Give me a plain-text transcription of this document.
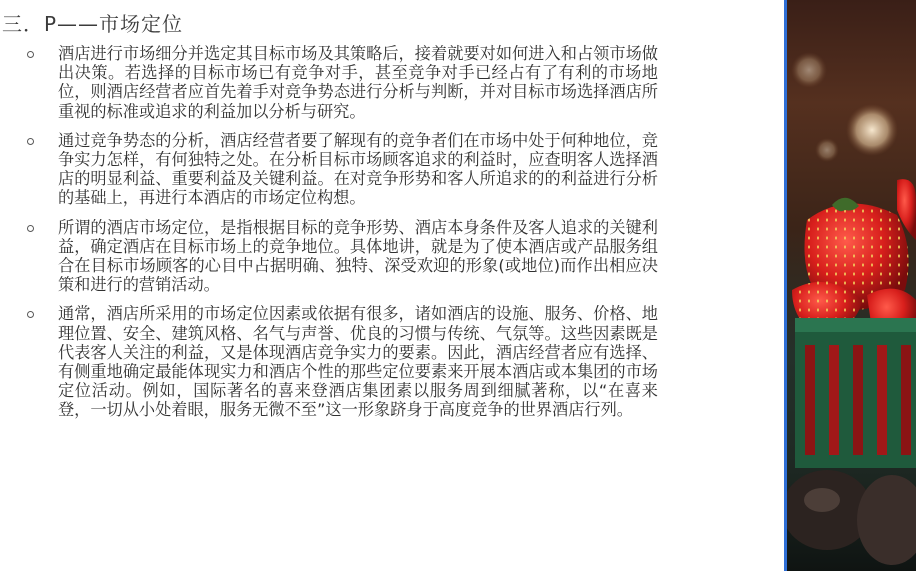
三．P——市场定位
酒店进行市场细分并选定其目标市场及其策略后，接着就要对如何进入和占领市场做出决策。若选择的目标市场已有竞争对手，甚至竞争对手已经占有了有利的市场地位，则酒店经营者应首先着手对竞争势态进行分析与判断，并对目标市场选择酒店所重视的标准或追求的利益加以分析与研究。
通过竞争势态的分析，酒店经营者要了解现有的竞争者们在市场中处于何种地位，竞争实力怎样，有何独特之处。在分析目标市场顾客追求的利益时，应查明客人选择酒店的明显利益、重要利益及关键利益。在对竞争形势和客人所追求的的利益进行分析的基础上，再进行本酒店的市场定位构想。
所谓的酒店市场定位，是指根据目标的竞争形势、酒店本身条件及客人追求的关键利益，确定酒店在目标市场上的竞争地位。具体地讲，就是为了使本酒店或产品服务组合在目标市场顾客的心目中占据明确、独特、深受欢迎的形象(或地位)而作出相应决策和进行的营销活动。
通常，酒店所采用的市场定位因素或依据有很多，诸如酒店的设施、服务、价格、地理位置、安全、建筑风格、名气与声誉、优良的习惯与传统、气氛等。这些因素既是代表客人关注的利益，又是体现酒店竞争实力的要素。因此，酒店经营者应有选择、有侧重地确定最能体现实力和酒店个性的那些定位要素来开展本酒店或本集团的市场定位活动。例如，国际著名的喜来登酒店集团素以服务周到细腻著称，以“在喜来登，一切从小处着眼，服务无微不至”这一形象跻身于高度竞争的世界酒店行列。
